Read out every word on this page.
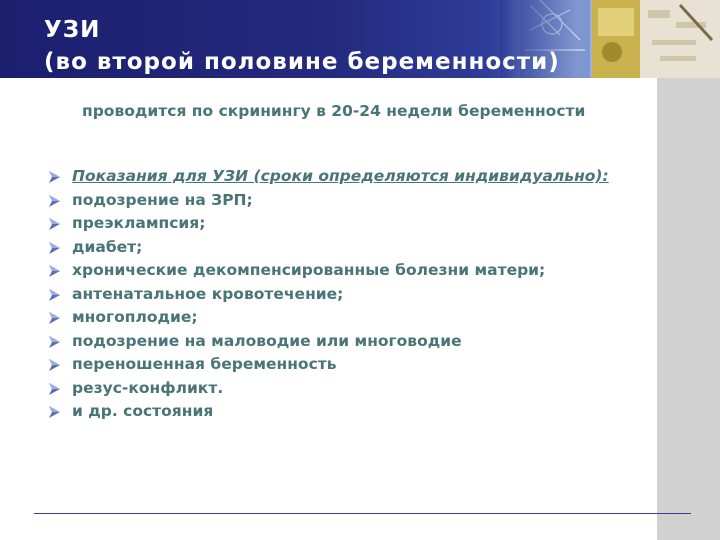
УЗИ
(во второй половине беременности)

проводится по скринингу в 20-24 недели беременности

Показания для УЗИ (сроки определяются индивидуально):
подозрение на ЗРП;
преэклампсия;
диабет;
хронические декомпенсированные болезни матери;
антенатальное кровотечение;
многоплодие;
подозрение на маловодие или многоводие
переношенная беременность
резус-конфликт.
и др. состояния
